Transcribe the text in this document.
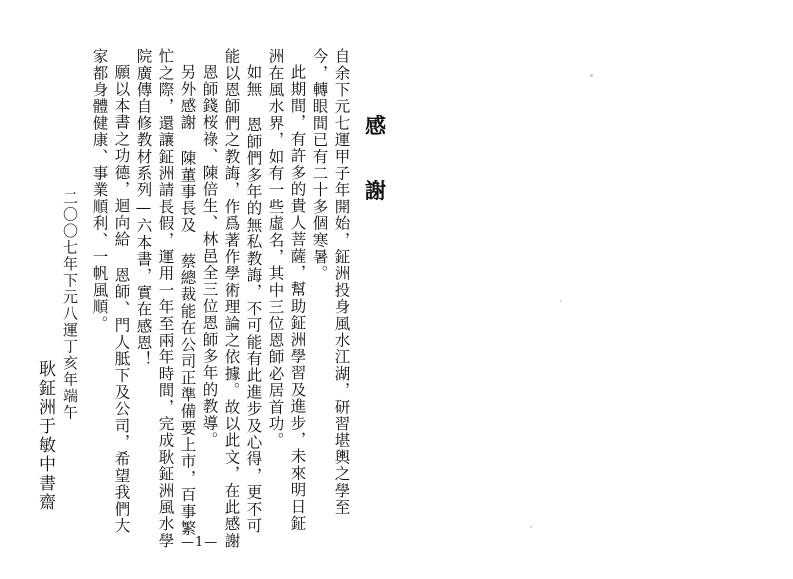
感
謝
自余下元七運甲子年開始，鉦洲投身風水江湖，研習堪輿之學至
今，轉眼間已有二十多個寒暑。
此期間，有許多的貴人菩薩，幫助鉦洲學習及進步，未來明日鉦
洲在風水界，如有一些虛名，其中三位恩師必居首功。
如無 恩師們多年的無私教誨，不可能有此進步及心得，更不可
能以恩師們之教誨，作爲著作學術理論之依據。故以此文，在此感謝
恩師錢桜祿、陳倍生、林邑全三位恩師多年的教導。
另外感謝 陳董事長及 蔡總裁能在公司正準備要上市，百事繁
忙之際，還讓鉦洲請長假，運用一年至兩年時間，完成耿鉦洲風水學
院廣傳自修教材系列—六本書，實在感恩！
願以本書之功德，迴向給 恩師、門人胝下及公司，希望我們大
家都身體健康、事業順利、一帆風順。
二〇〇七年下元八運丁亥年端午
耿鉦洲于敏中書齋
—1—
